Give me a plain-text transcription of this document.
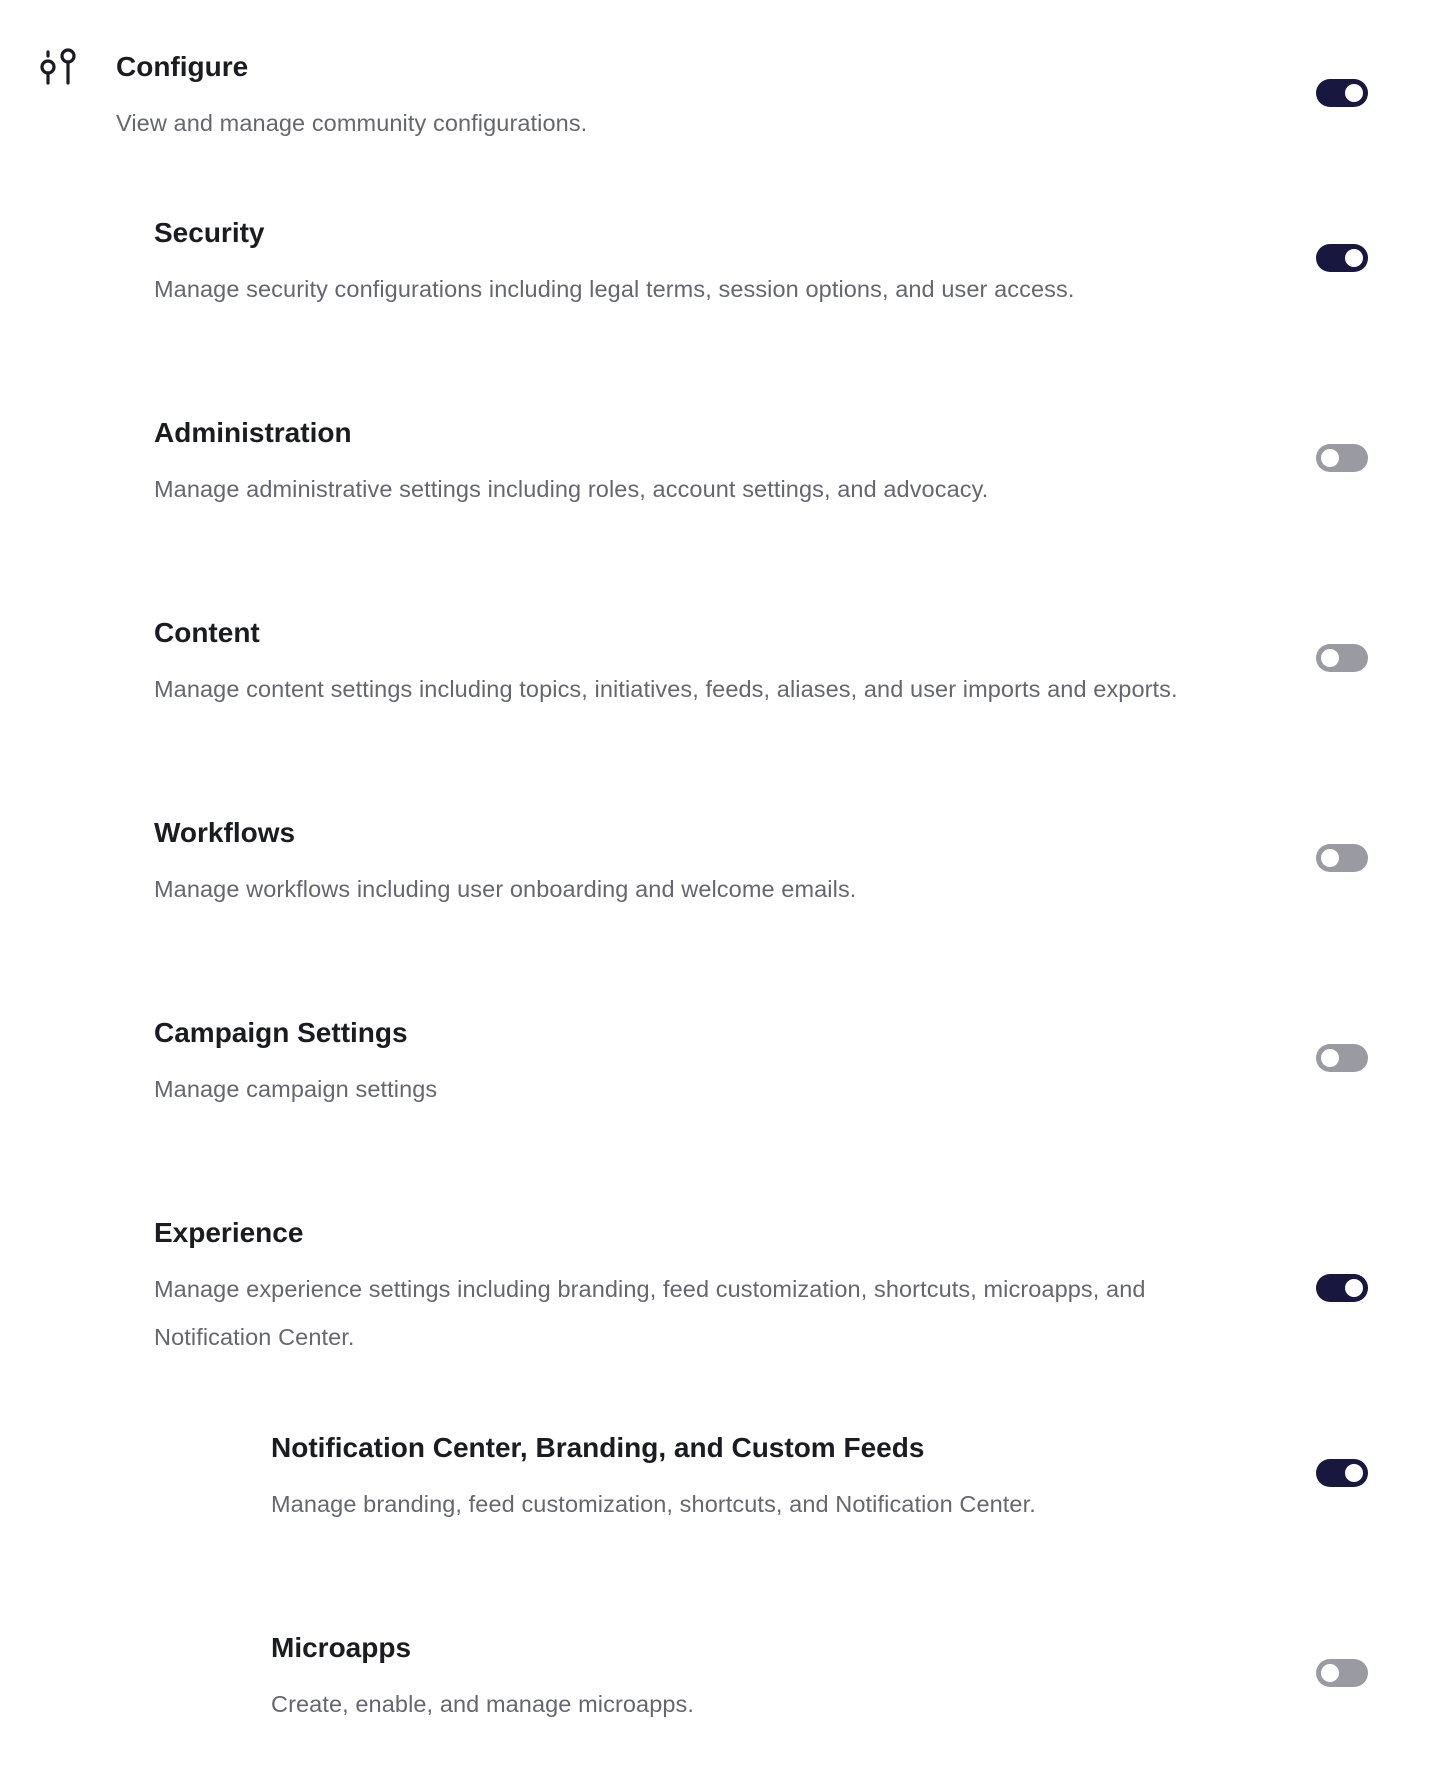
Configure
View and manage community configurations.
Security
Manage security configurations including legal terms, session options, and user access.
Administration
Manage administrative settings including roles, account settings, and advocacy.
Content
Manage content settings including topics, initiatives, feeds, aliases, and user imports and exports.
Workflows
Manage workflows including user onboarding and welcome emails.
Campaign Settings
Manage campaign settings
Experience
Manage experience settings including branding, feed customization, shortcuts, microapps, and Notification Center.
Notification Center, Branding, and Custom Feeds
Manage branding, feed customization, shortcuts, and Notification Center.
Microapps
Create, enable, and manage microapps.
